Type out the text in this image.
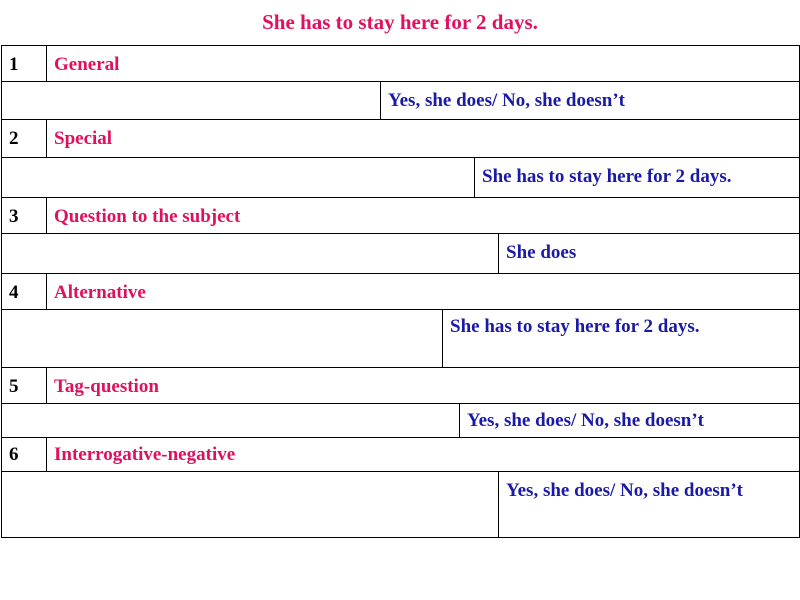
She has to stay here for 2 days.
1	General
Yes, she does/ No, she doesn’t
2	Special
She has to stay here for 2 days.
3	Question to the subject
She does
4	Alternative
She has to stay here for 2 days.
5	Tag-question
Yes, she does/ No, she doesn’t
6	Interrogative-negative
Yes, she does/ No, she doesn’t
